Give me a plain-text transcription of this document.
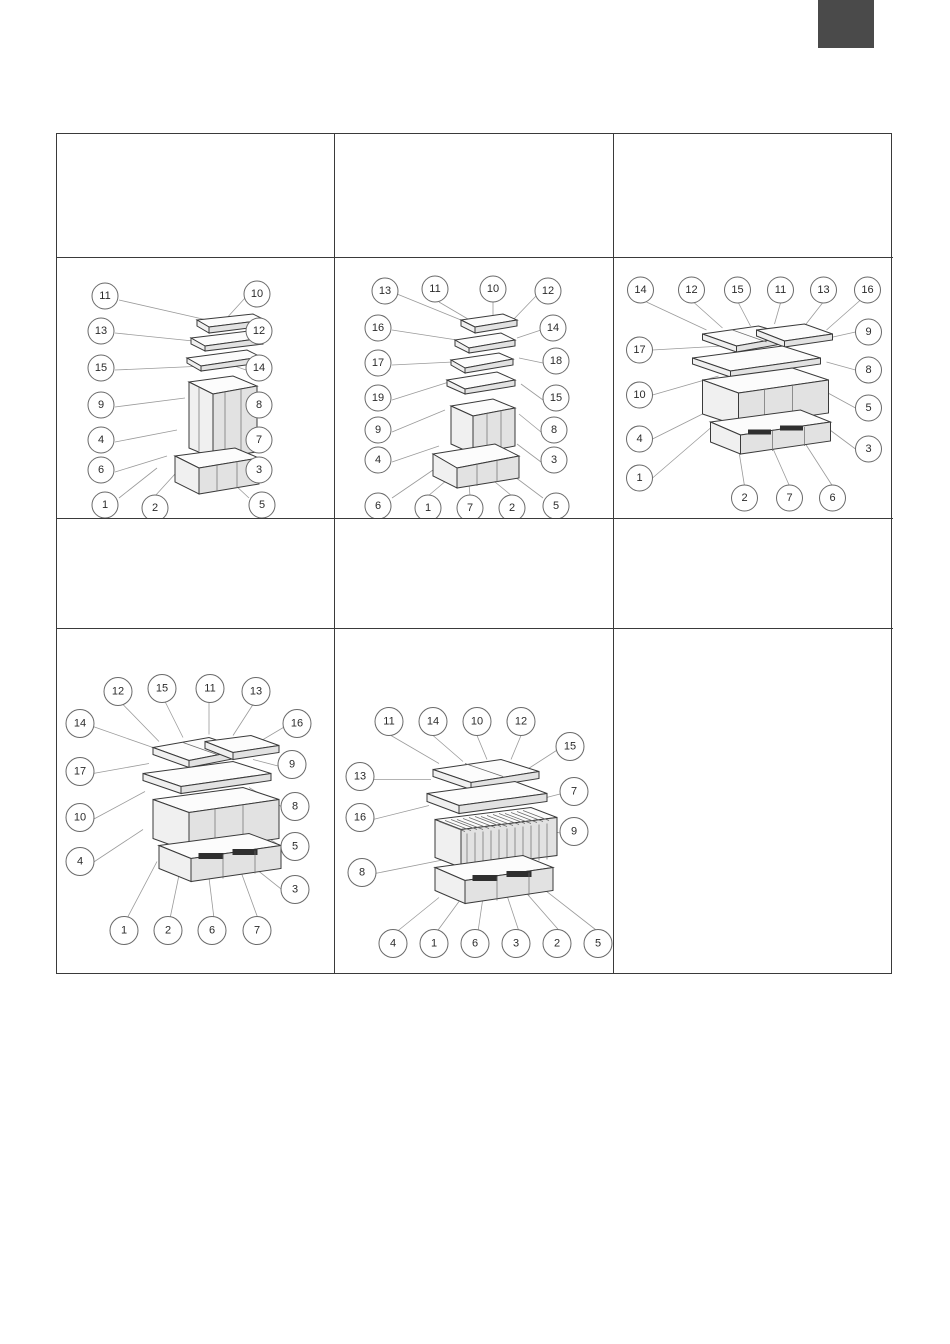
11	10
13	12
15	14
9	8
4	7
6	3
1	2	5
13	11	10	12
16	14
17	18
19	15
9	8
4	3
6	1	7	2	5
14	12	15	11	13	16
9
17
8
10
5
4
3
1
2	7	6
12	15	11	13
14	16
9
17
8
10
5
4
3
1	2	6	7
11	14	10	12
15
13
7
16
9
8
4	1	6	3	2	5
